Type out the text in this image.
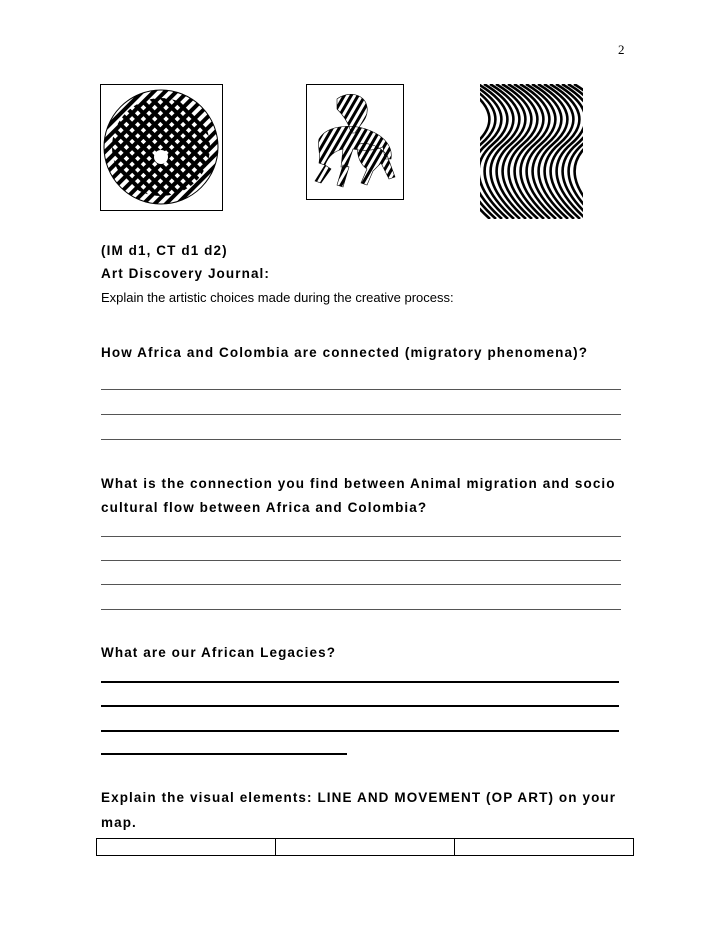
2
(IM d1, CT d1 d2)
Art Discovery Journal:
Explain the artistic choices made during the creative process:
How Africa and Colombia are connected (migratory phenomena)?
What is the connection you find between Animal migration and socio
cultural flow between Africa and Colombia?
What are our African Legacies?
Explain the visual elements: LINE AND MOVEMENT (OP ART) on your
map.
